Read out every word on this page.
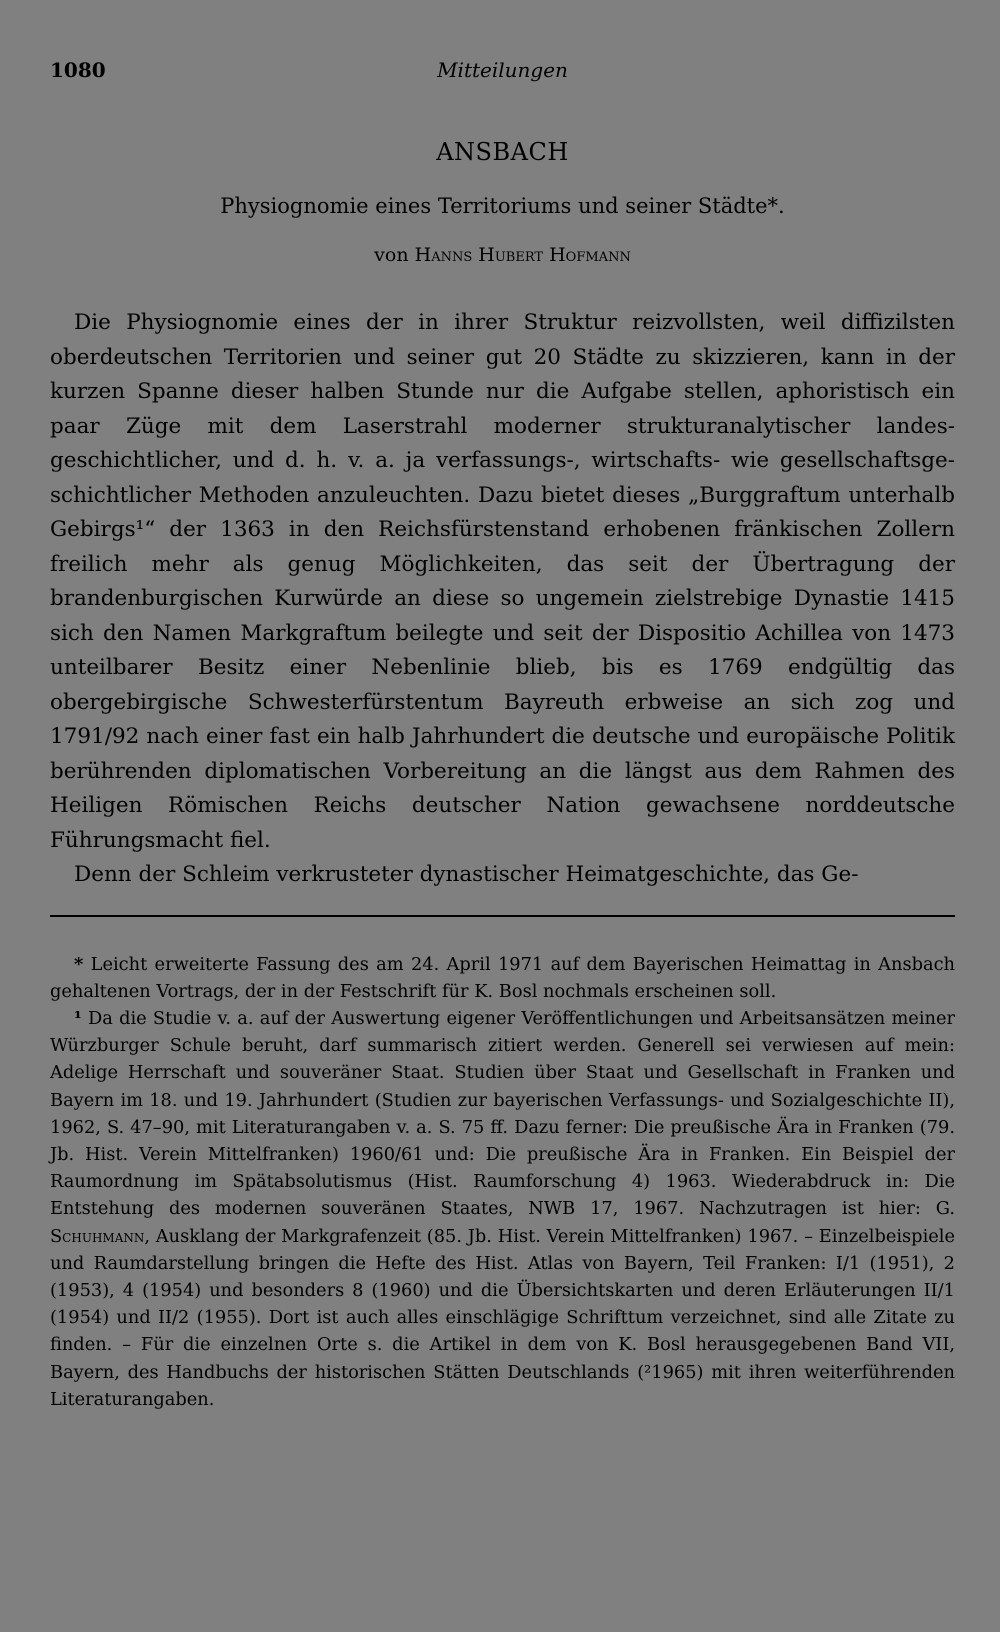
1080	Mitteilungen
ANSBACH
Physiognomie eines Territoriums und seiner Städte*.
von Hanns Hubert Hofmann

Die Physiognomie eines der in ihrer Struktur reizvollsten, weil diffizilsten oberdeutschen Territorien und seiner gut 20 Städte zu skizzieren, kann in der kurzen Spanne dieser halben Stunde nur die Aufgabe stellen, aphoristisch ein paar Züge mit dem Laserstrahl moderner strukturanalytischer landesgeschichtlicher, und d. h. v. a. ja verfassungs-, wirtschafts- wie gesellschaftsgeschichtlicher Methoden anzuleuchten. Dazu bietet dieses „Burggraftum unterhalb Gebirgs¹“ der 1363 in den Reichsfürstenstand erhobenen fränkischen Zollern freilich mehr als genug Möglichkeiten, das seit der Übertragung der brandenburgischen Kurwürde an diese so ungemein zielstrebige Dynastie 1415 sich den Namen Markgraftum beilegte und seit der Dispositio Achillea von 1473 unteilbarer Besitz einer Nebenlinie blieb, bis es 1769 endgültig das obergebirgische Schwesterfürstentum Bayreuth erbweise an sich zog und 1791/92 nach einer fast ein halb Jahrhundert die deutsche und europäische Politik berührenden diplomatischen Vorbereitung an die längst aus dem Rahmen des Heiligen Römischen Reichs deutscher Nation gewachsene norddeutsche Führungsmacht fiel.

Denn der Schleim verkrusteter dynastischer Heimatgeschichte, das Ge-

* Leicht erweiterte Fassung des am 24. April 1971 auf dem Bayerischen Heimattag in Ansbach gehaltenen Vortrags, der in der Festschrift für K. Bosl nochmals erscheinen soll.

¹ Da die Studie v. a. auf der Auswertung eigener Veröffentlichungen und Arbeitsansätzen meiner Würzburger Schule beruht, darf summarisch zitiert werden. Generell sei verwiesen auf mein: Adelige Herrschaft und souveräner Staat. Studien über Staat und Gesellschaft in Franken und Bayern im 18. und 19. Jahrhundert (Studien zur bayerischen Verfassungs- und Sozialgeschichte II), 1962, S. 47–90, mit Literaturangaben v. a. S. 75 ff. Dazu ferner: Die preußische Ära in Franken (79. Jb. Hist. Verein Mittelfranken) 1960/61 und: Die preußische Ära in Franken. Ein Beispiel der Raumordnung im Spätabsolutismus (Hist. Raumforschung 4) 1963. Wiederabdruck in: Die Entstehung des modernen souveränen Staates, NWB 17, 1967. Nachzutragen ist hier: G. Schuhmann, Ausklang der Markgrafenzeit (85. Jb. Hist. Verein Mittelfranken) 1967. – Einzelbeispiele und Raumdarstellung bringen die Hefte des Hist. Atlas von Bayern, Teil Franken: I/1 (1951), 2 (1953), 4 (1954) und besonders 8 (1960) und die Übersichtskarten und deren Erläuterungen II/1 (1954) und II/2 (1955). Dort ist auch alles einschlägige Schrifttum verzeichnet, sind alle Zitate zu finden. – Für die einzelnen Orte s. die Artikel in dem von K. Bosl herausgegebenen Band VII, Bayern, des Handbuchs der historischen Stätten Deutschlands (²1965) mit ihren weiterführenden Literaturangaben.
